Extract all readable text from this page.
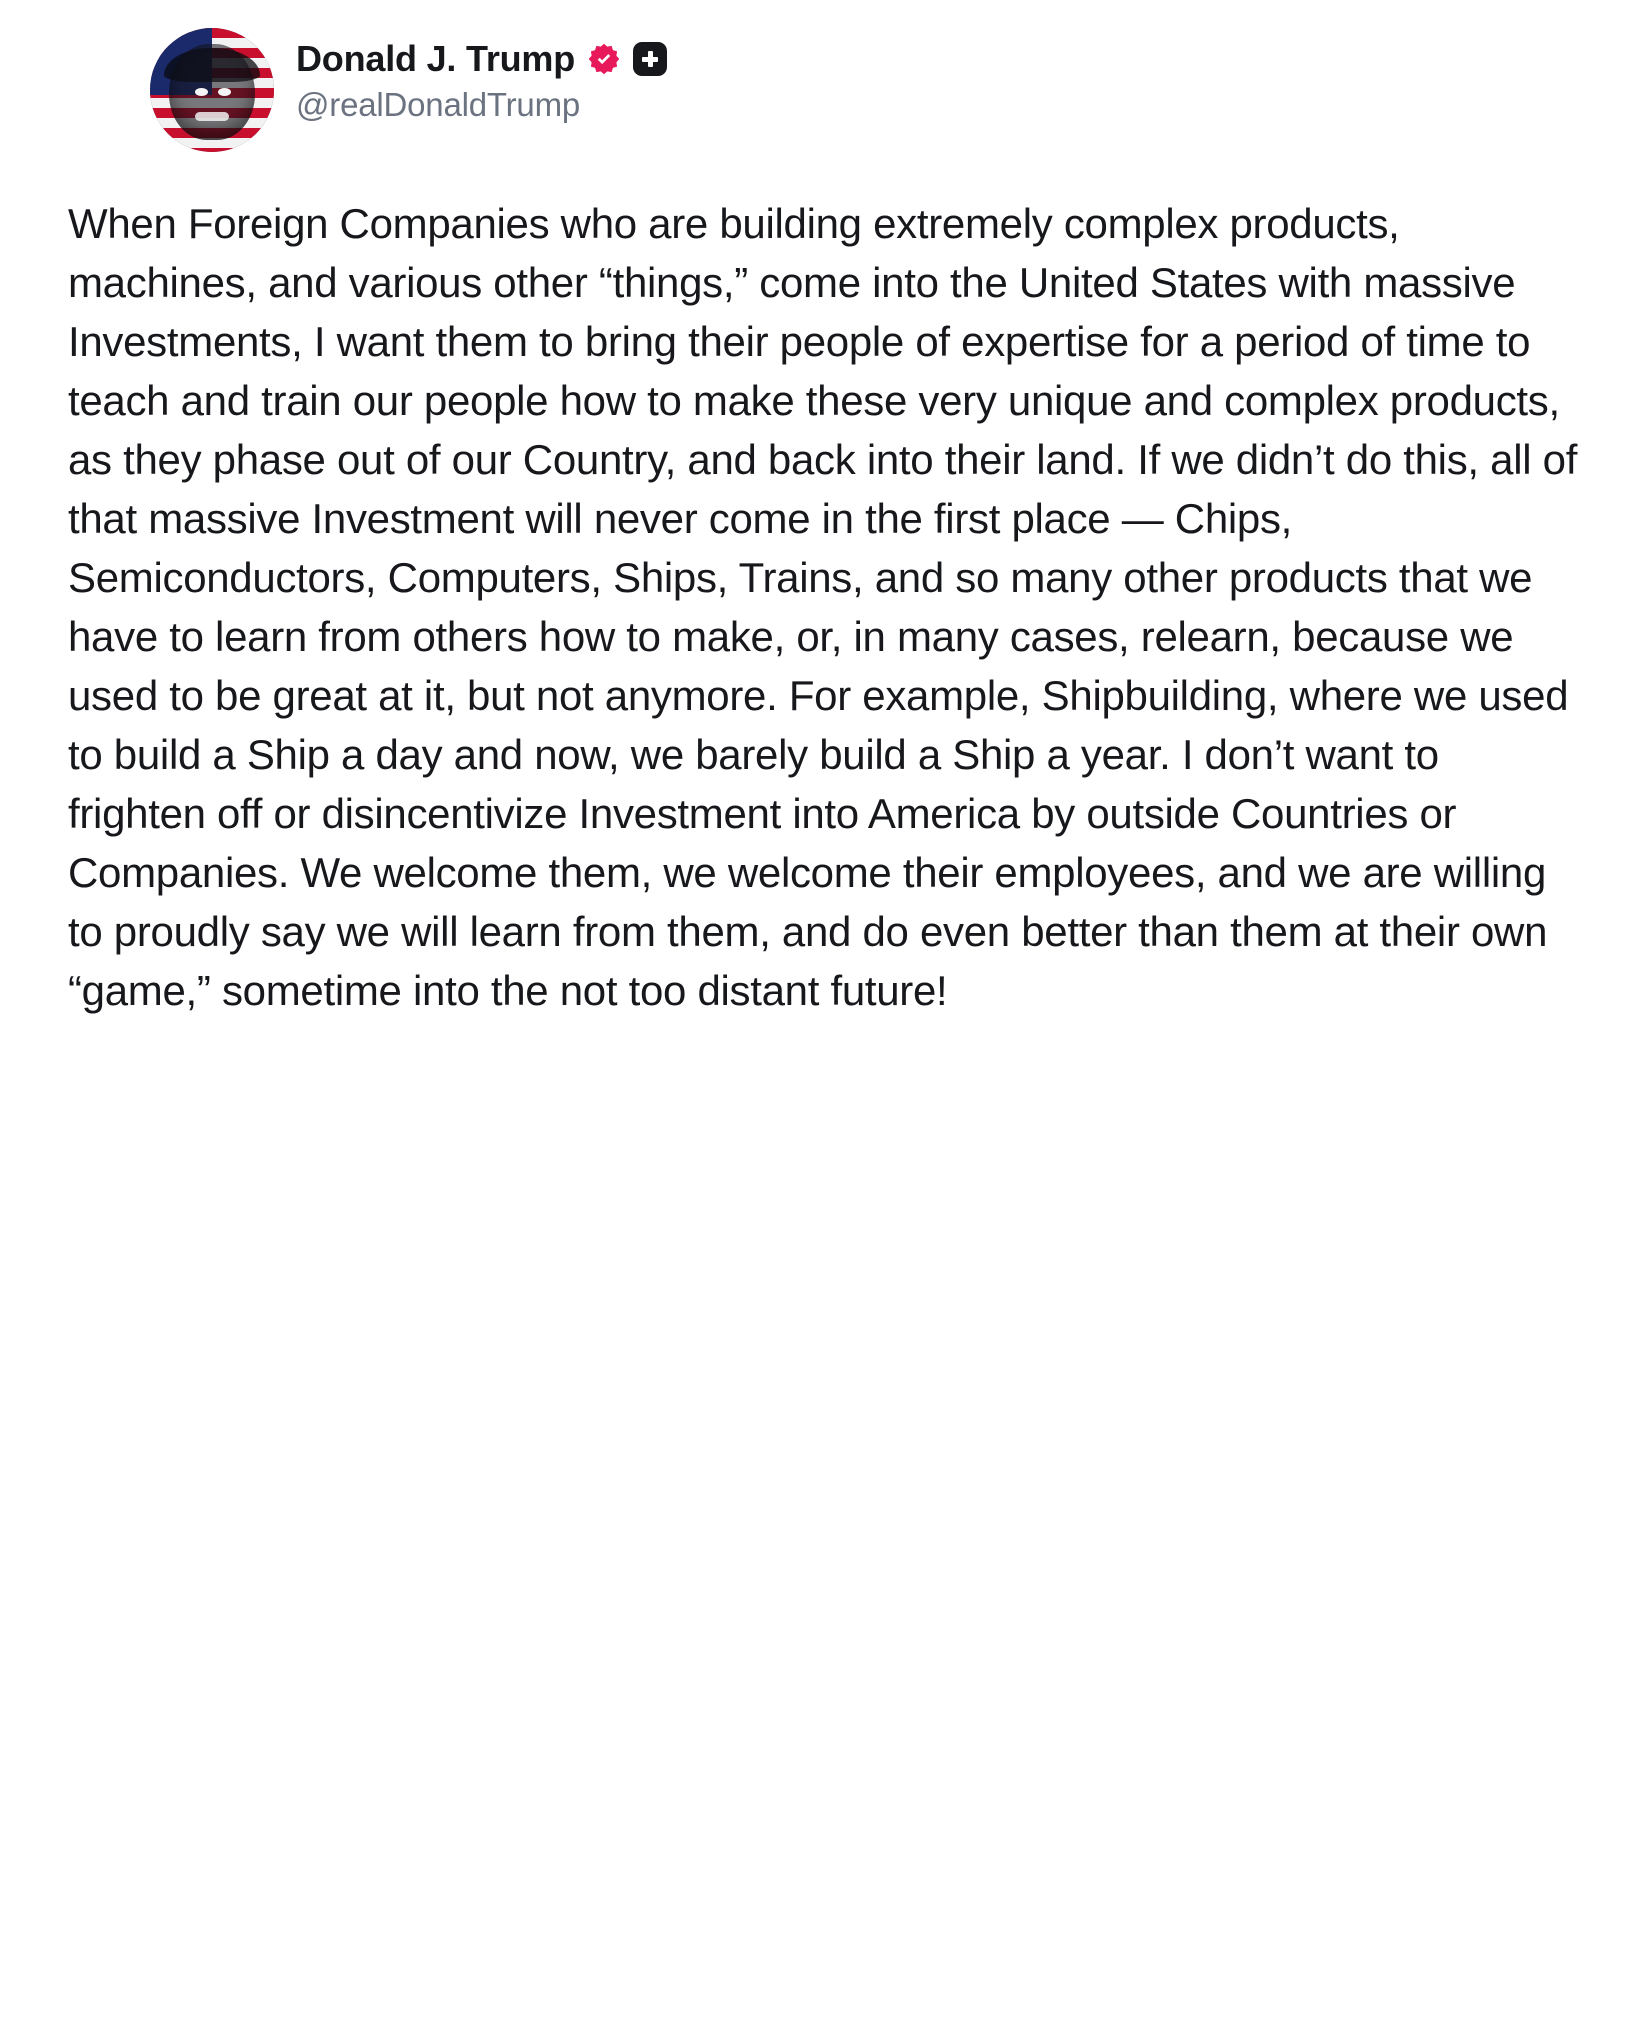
Donald J. Trump
@realDonaldTrump
When Foreign Companies who are building extremely complex products, machines, and various other “things,” come into the United States with massive Investments, I want them to bring their people of expertise for a period of time to teach and train our people how to make these very unique and complex products, as they phase out of our Country, and back into their land. If we didn’t do this, all of that massive Investment will never come in the first place — Chips, Semiconductors, Computers, Ships, Trains, and so many other products that we have to learn from others how to make, or, in many cases, relearn, because we used to be great at it, but not anymore. For example, Shipbuilding, where we used to build a Ship a day and now, we barely build a Ship a year. I don’t want to frighten off or disincentivize Investment into America by outside Countries or Companies. We welcome them, we welcome their employees, and we are willing to proudly say we will learn from them, and do even better than them at their own “game,” sometime into the not too distant future!
